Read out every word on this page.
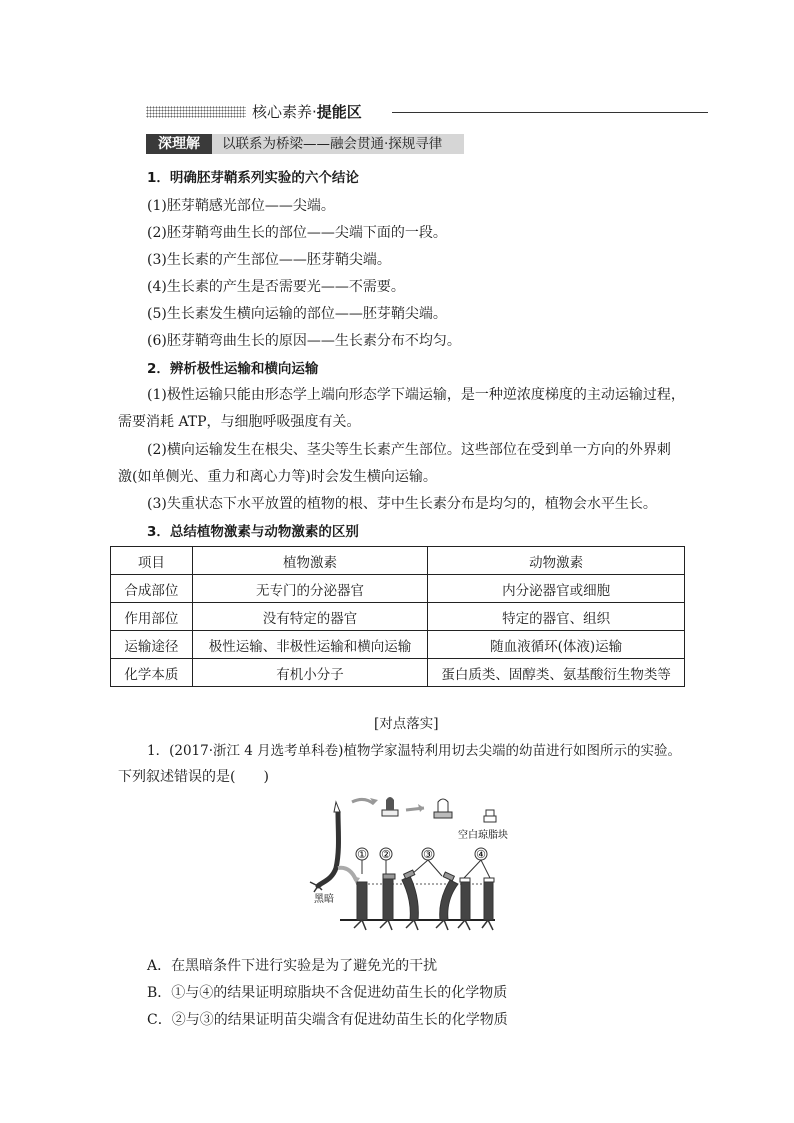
核心素养·提能区
深理解	以联系为桥梁——融会贯通·探规寻律
1．明确胚芽鞘系列实验的六个结论
(1)胚芽鞘感光部位——尖端。
(2)胚芽鞘弯曲生长的部位——尖端下面的一段。
(3)生长素的产生部位——胚芽鞘尖端。
(4)生长素的产生是否需要光——不需要。
(5)生长素发生横向运输的部位——胚芽鞘尖端。
(6)胚芽鞘弯曲生长的原因——生长素分布不均匀。
2．辨析极性运输和横向运输
(1)极性运输只能由形态学上端向形态学下端运输，是一种逆浓度梯度的主动运输过程，
需要消耗 ATP，与细胞呼吸强度有关。
(2)横向运输发生在根尖、茎尖等生长素产生部位。这些部位在受到单一方向的外界刺
激(如单侧光、重力和离心力等)时会发生横向运输。
(3)失重状态下水平放置的植物的根、芽中生长素分布是均匀的，植物会水平生长。
3．总结植物激素与动物激素的区别
项目	植物激素	动物激素
合成部位	无专门的分泌器官	内分泌器官或细胞
作用部位	没有特定的器官	特定的器官、组织
运输途径	极性运输、非极性运输和横向运输	随血液循环(体液)运输
化学本质	有机小分子	蛋白质类、固醇类、氨基酸衍生物类等
[对点落实]
1．(2017·浙江 4 月选考单科卷)植物学家温特利用切去尖端的幼苗进行如图所示的实验。
下列叙述错误的是(　　)
空白琼脂块
黑暗
① ②	③	④
A．在黑暗条件下进行实验是为了避免光的干扰
B．①与④的结果证明琼脂块不含促进幼苗生长的化学物质
C．②与③的结果证明苗尖端含有促进幼苗生长的化学物质
